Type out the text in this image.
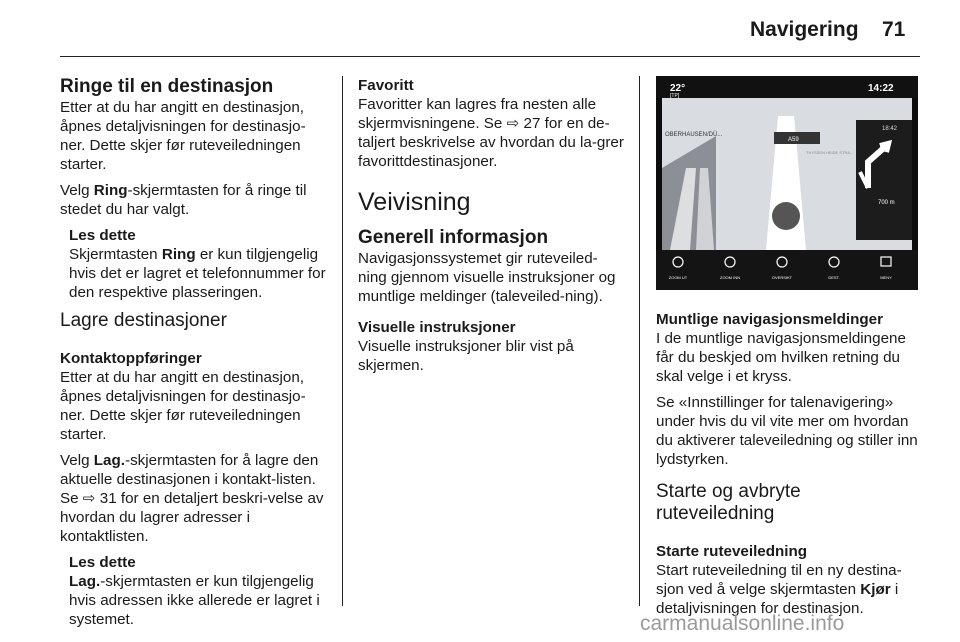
Navigering 71
Ringe til en destinasjon

Etter at du har angitt en destinasjon, åpnes detaljvisningen for destinasjo-ner. Dette skjer før ruteveiledningen starter.

Velg Ring-skjermtasten for å ringe til stedet du har valgt.

Les dette

Skjermtasten Ring er kun tilgjengelig hvis det er lagret et telefonnummer for den respektive plasseringen.

Lagre destinasjoner
Kontaktoppføringer

Etter at du har angitt en destinasjon, åpnes detaljvisningen for destinasjo-ner. Dette skjer før ruteveiledningen starter.

Velg Lag.-skjermtasten for å lagre den aktuelle destinasjonen i kontakt-listen. Se ⇨ 31 for en detaljert beskri-velse av hvordan du lagrer adresser i kontaktlisten.

Les dette

Lag.-skjermtasten er kun tilgjengelig hvis adressen ikke allerede er lagret i systemet.

Favoritt

Favoritter kan lagres fra nesten alle skjermvisningene. Se ⇨ 27 for en de-taljert beskrivelse av hvordan du la-grer favorittdestinasjoner.

Veivisning
Generell informasjon

Navigasjonssystemet gir ruteveiled-ning gjennom visuelle instruksjoner og muntlige meldinger (taleveiled-ning).

Visuelle instruksjoner

Visuelle instruksjoner blir vist på skjermen.

22°
[TP]
14:22
18:42
OBERHAUSEN/DÜ...
A59
THYSSEN HEIDE STRA...
700 m
ZOOM UT	ZOOM INN	OVERSIKT	DEST.	MENY
Muntlige navigasjonsmeldinger

I de muntlige navigasjonsmeldingene får du beskjed om hvilken retning du skal velge i et kryss.

Se «Innstillinger for talenavigering» under hvis du vil vite mer om hvordan du aktiverer taleveiledning og stiller inn lydstyrken.

Starte og avbryte ruteveiledning
Starte ruteveiledning

Start ruteveiledning til en ny destina-sjon ved å velge skjermtasten Kjør i detaljvisningen for destinasjon.

carmanualsonline.info
